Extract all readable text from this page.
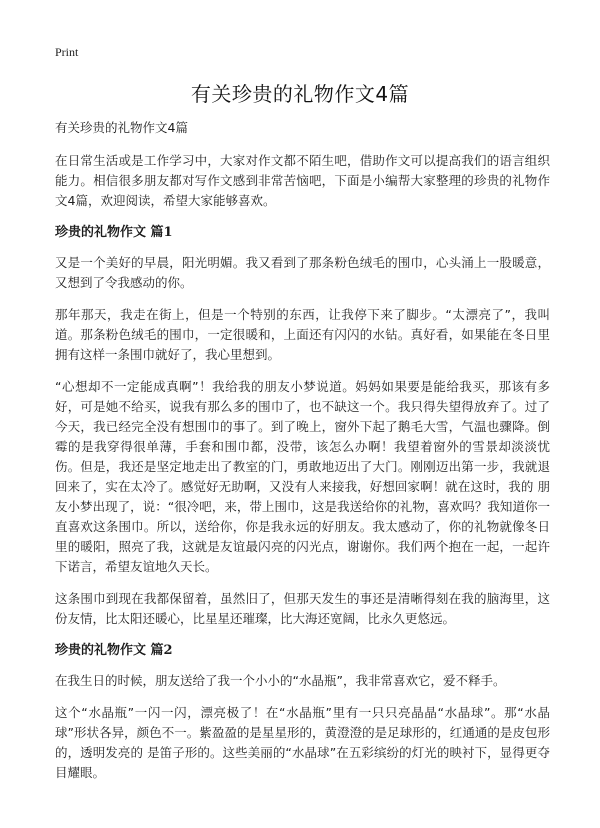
Print
有关珍贵的礼物作文4篇
有关珍贵的礼物作文4篇

在日常生活或是工作学习中，大家对作文都不陌生吧，借助作文可以提高我们的语言组织能力。相信很多朋友都对写作文感到非常苦恼吧，下面是小编帮大家整理的珍贵的礼物作文4篇，欢迎阅读，希望大家能够喜欢。

珍贵的礼物作文 篇1

又是一个美好的早晨，阳光明媚。我又看到了那条粉色绒毛的围巾，心头涌上一股暖意，又想到了令我感动的你。

那年那天，我走在街上，但是一个特别的东西，让我停下来了脚步。“太漂亮了”，我叫道。那条粉色绒毛的围巾，一定很暖和，上面还有闪闪的水钻。真好看，如果能在冬日里拥有这样一条围巾就好了，我心里想到。

“心想却不一定能成真啊”！我给我的朋友小梦说道。妈妈如果要是能给我买，那该有多好，可是她不给买，说我有那么多的围巾了，也不缺这一个。我只得失望得放弃了。过了今天，我已经完全没有想围巾的事了。到了晚上，窗外下起了鹅毛大雪，气温也骤降。倒霉的是我穿得很单薄，手套和围巾都，没带，该怎么办啊！我望着窗外的雪景却淡淡忧伤。但是，我还是坚定地走出了教室的门，勇敢地迈出了大门。刚刚迈出第一步，我就退回来了，实在太冷了。感觉好无助啊，又没有人来接我，好想回家啊！就在这时，我的 朋友小梦出现了，说：“很冷吧，来，带上围巾，这是我送给你的礼物，喜欢吗？我知道你一直喜欢这条围巾。所以，送给你，你是我永远的好朋友。我太感动了，你的礼物就像冬日里的暖阳，照亮了我，这就是友谊最闪亮的闪光点，谢谢你。我们两个抱在一起，一起许下诺言，希望友谊地久天长。

这条围巾到现在我都保留着，虽然旧了，但那天发生的事还是清晰得刻在我的脑海里，这份友情，比太阳还暖心，比星星还璀璨，比大海还宽阔，比永久更悠远。

珍贵的礼物作文 篇2

在我生日的时候，朋友送给了我一个小小的“水晶瓶”，我非常喜欢它，爱不释手。

这个“水晶瓶”一闪一闪，漂亮极了！在“水晶瓶”里有一只只亮晶晶“水晶球”。那“水晶球”形状各异，颜色不一。紫盈盈的是星星形的，黄澄澄的是足球形的，红通通的是皮包形的，透明发亮的 是笛子形的。这些美丽的“水晶球”在五彩缤纷的灯光的映衬下，显得更夺目耀眼。
